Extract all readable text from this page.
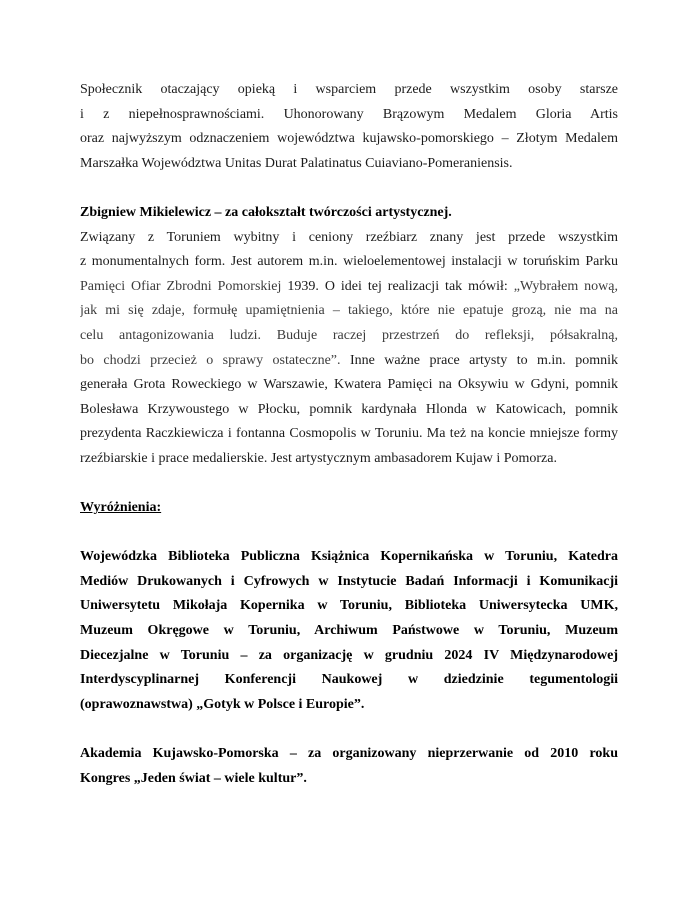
Społecznik otaczający opieką i wsparciem przede wszystkim osoby starsze
i z niepełnosprawnościami. Uhonorowany Brązowym Medalem Gloria Artis
oraz najwyższym odznaczeniem województwa kujawsko-pomorskiego – Złotym Medalem
Marszałka Województwa Unitas Durat Palatinatus Cuiaviano-Pomeraniensis.
Zbigniew Mikielewicz – za całokształt twórczości artystycznej.
Związany z Toruniem wybitny i ceniony rzeźbiarz znany jest przede wszystkim
z monumentalnych form. Jest autorem m.in. wieloelementowej instalacji w toruńskim Parku
Pamięci Ofiar Zbrodni Pomorskiej 1939. O idei tej realizacji tak mówił: „Wybrałem nową,
jak mi się zdaje, formułę upamiętnienia – takiego, które nie epatuje grozą, nie ma na
celu antagonizowania ludzi. Buduje raczej przestrzeń do refleksji, półsakralną,
bo chodzi przecież o sprawy ostateczne”. Inne ważne prace artysty to m.in. pomnik
generała Grota Roweckiego w Warszawie, Kwatera Pamięci na Oksywiu w Gdyni, pomnik
Bolesława Krzywoustego w Płocku, pomnik kardynała Hlonda w Katowicach, pomnik
prezydenta Raczkiewicza i fontanna Cosmopolis w Toruniu. Ma też na koncie mniejsze formy
rzeźbiarskie i prace medalierskie. Jest artystycznym ambasadorem Kujaw i Pomorza.
Wyróżnienia:
Wojewódzka Biblioteka Publiczna Książnica Kopernikańska w Toruniu, Katedra
Mediów Drukowanych i Cyfrowych w Instytucie Badań Informacji i Komunikacji
Uniwersytetu Mikołaja Kopernika w Toruniu, Biblioteka Uniwersytecka UMK,
Muzeum Okręgowe w Toruniu, Archiwum Państwowe w Toruniu, Muzeum
Diecezjalne w Toruniu – za organizację w grudniu 2024 IV Międzynarodowej
Interdyscyplinarnej Konferencji Naukowej w dziedzinie tegumentologii
(oprawoznawstwa) „Gotyk w Polsce i Europie”.
Akademia Kujawsko-Pomorska – za organizowany nieprzerwanie od 2010 roku
Kongres „Jeden świat – wiele kultur”.
